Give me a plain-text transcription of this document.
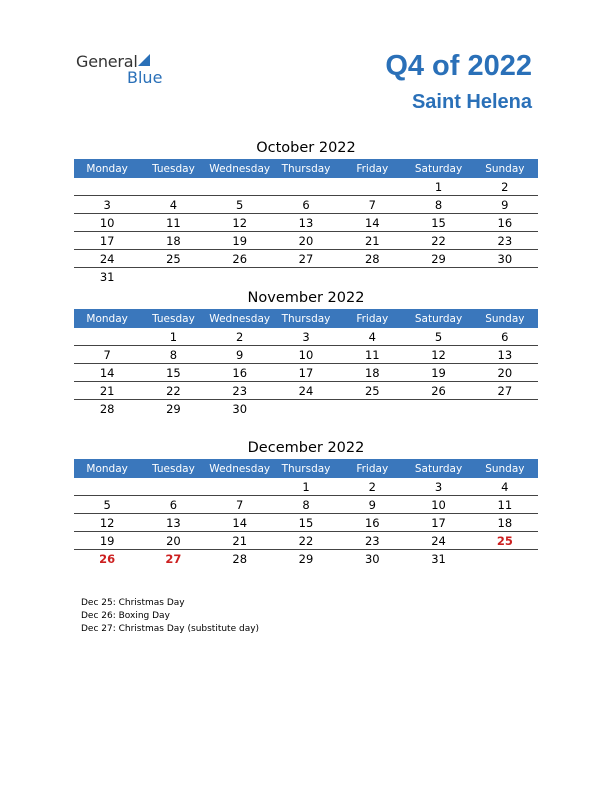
General
Blue	Q4 of 2022
Saint Helena
October 2022
Monday	Tuesday	Wednesday	Thursday	Friday	Saturday	Sunday
					1	2
3	4	5	6	7	8	9
10	11	12	13	14	15	16
17	18	19	20	21	22	23
24	25	26	27	28	29	30
31						
November 2022
Monday	Tuesday	Wednesday	Thursday	Friday	Saturday	Sunday
	1	2	3	4	5	6
7	8	9	10	11	12	13
14	15	16	17	18	19	20
21	22	23	24	25	26	27
28	29	30				
December 2022
Monday	Tuesday	Wednesday	Thursday	Friday	Saturday	Sunday
			1	2	3	4
5	6	7	8	9	10	11
12	13	14	15	16	17	18
19	20	21	22	23	24	25
26	27	28	29	30	31	
Dec 25: Christmas Day
Dec 26: Boxing Day
Dec 27: Christmas Day (substitute day)
